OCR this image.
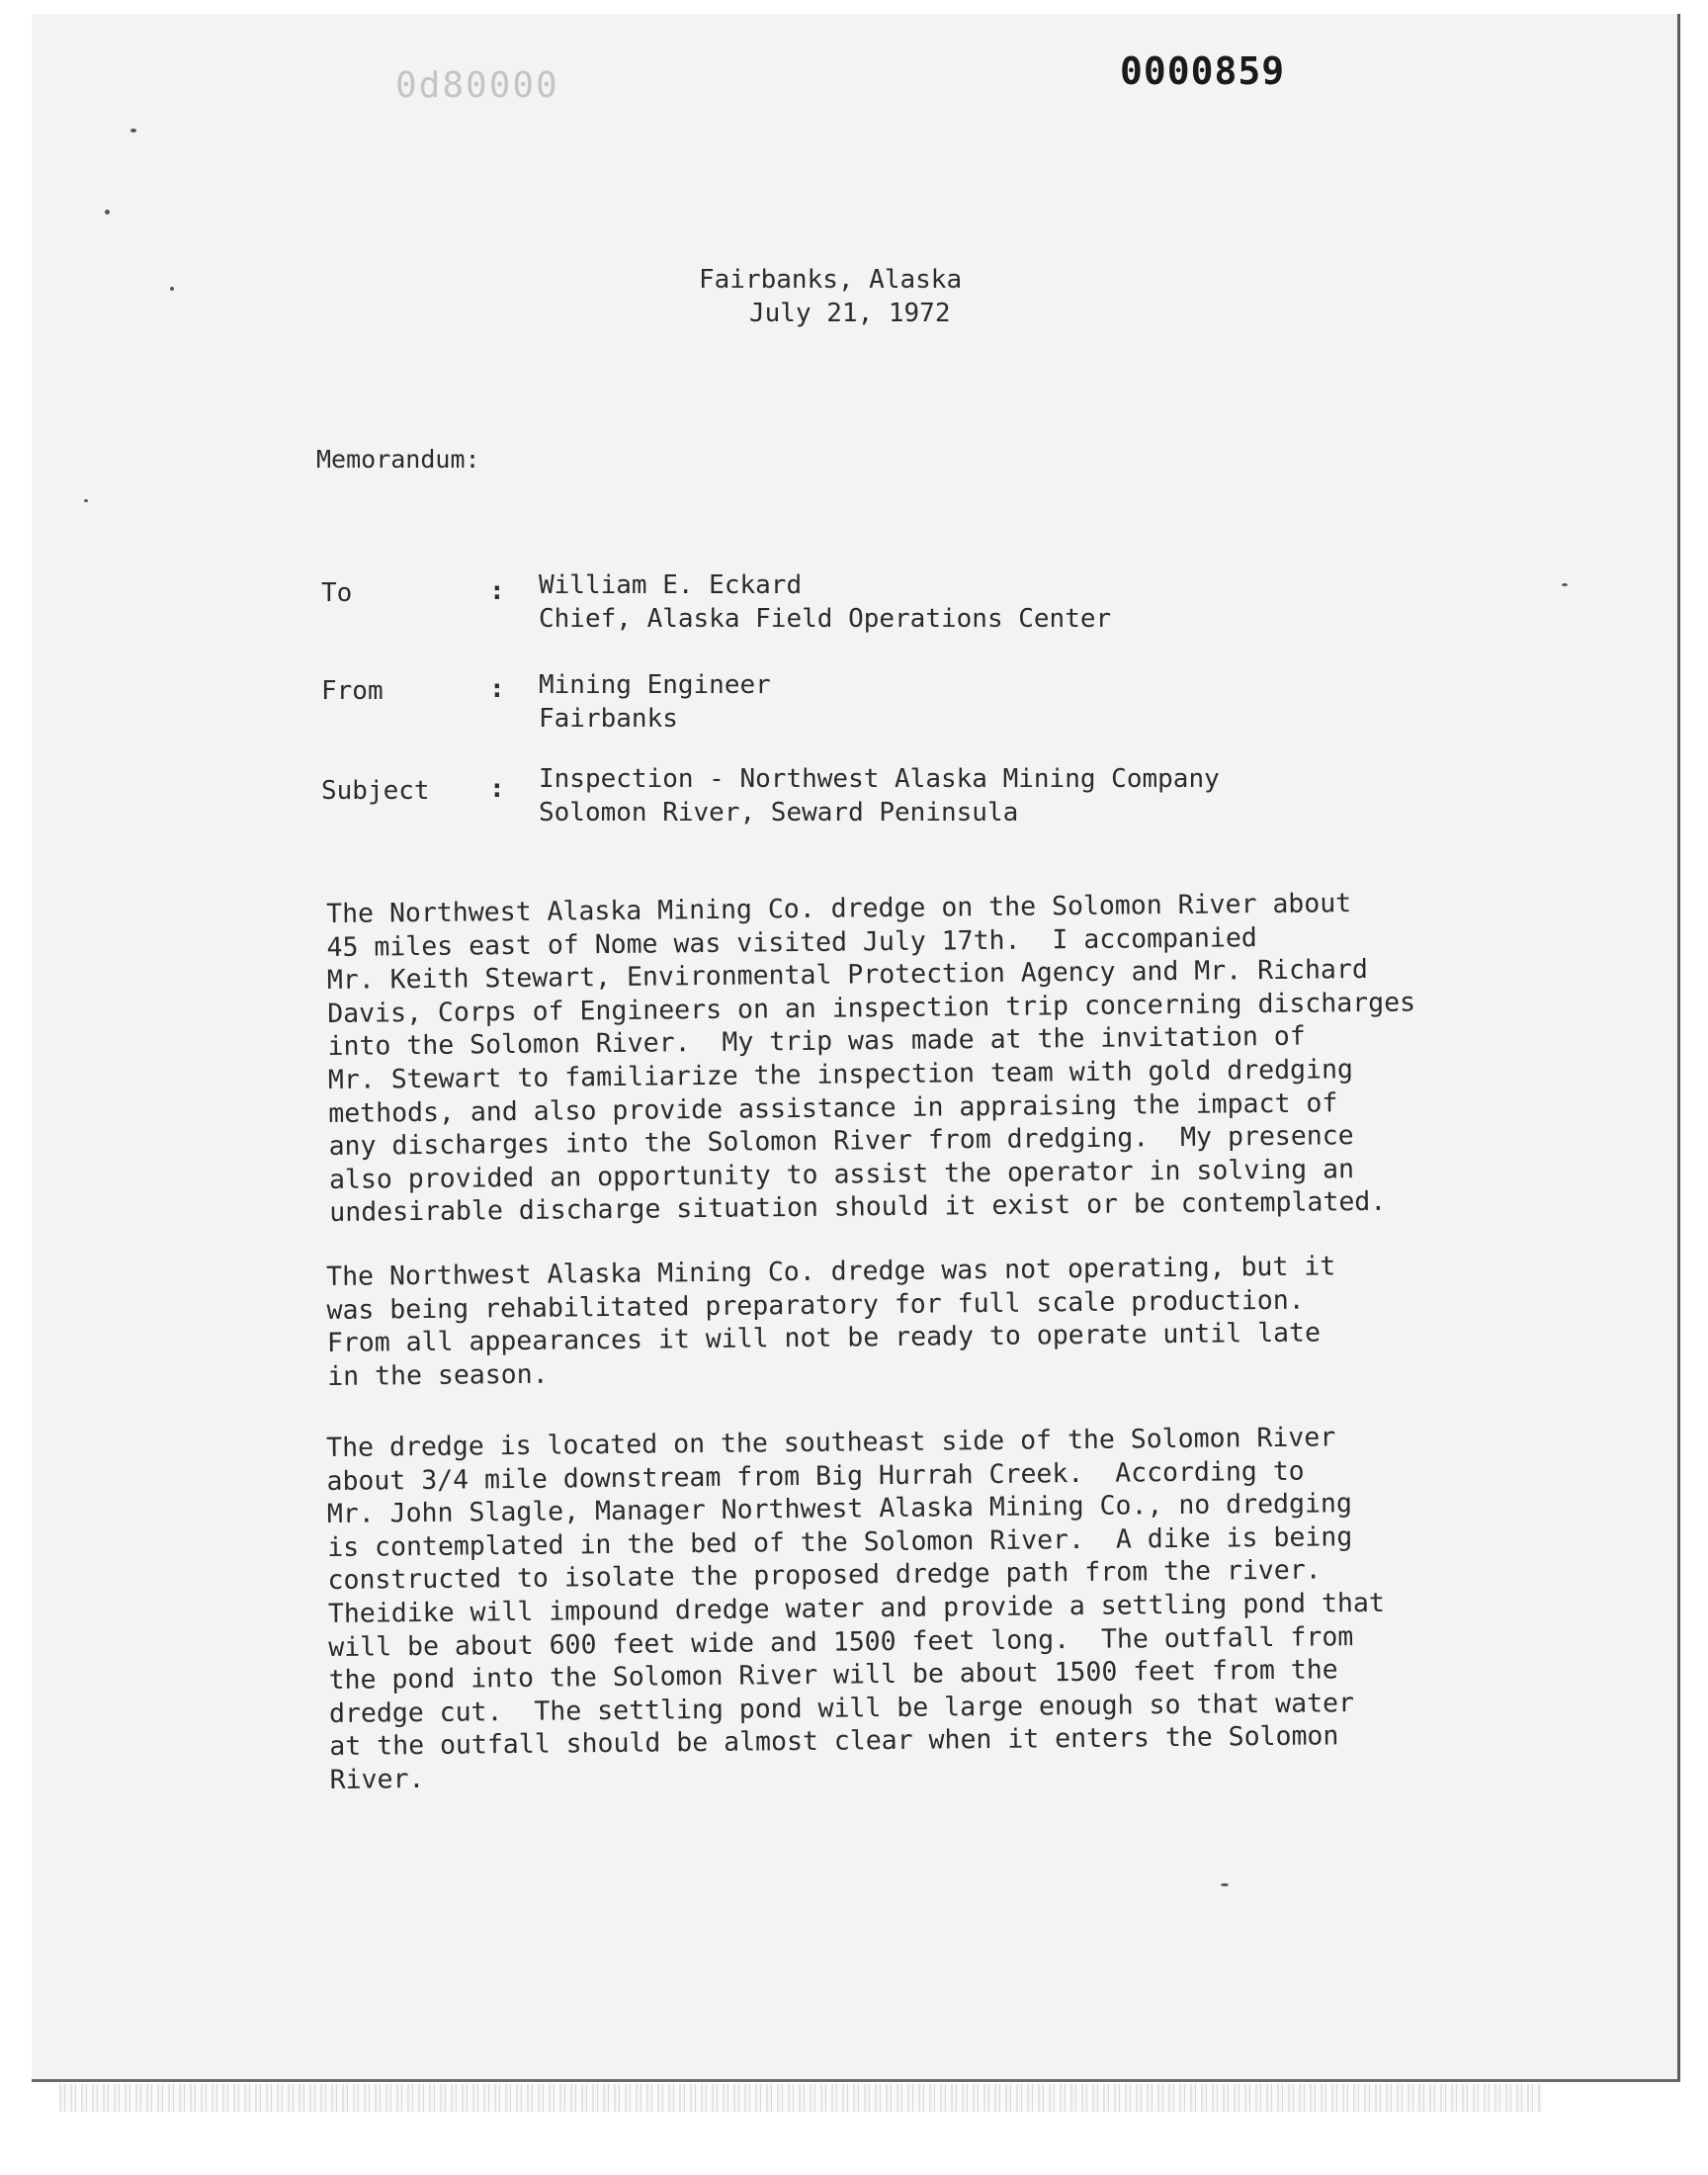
0d80000	0000859
Fairbanks, Alaska
July 21, 1972
Memorandum:
To	: William E. Eckard
Chief, Alaska Field Operations Center
From	: Mining Engineer
Fairbanks
Subject : Inspection - Northwest Alaska Mining Company
Solomon River, Seward Peninsula
The Northwest Alaska Mining Co. dredge on the Solomon River about
45 miles east of Nome was visited July 17th.  I accompanied
Mr. Keith Stewart, Environmental Protection Agency and Mr. Richard
Davis, Corps of Engineers on an inspection trip concerning discharges
into the Solomon River.  My trip was made at the invitation of
Mr. Stewart to familiarize the inspection team with gold dredging
methods, and also provide assistance in appraising the impact of
any discharges into the Solomon River from dredging.  My presence
also provided an opportunity to assist the operator in solving an
undesirable discharge situation should it exist or be contemplated.
The Northwest Alaska Mining Co. dredge was not operating, but it
was being rehabilitated preparatory for full scale production.
From all appearances it will not be ready to operate until late
in the season.
The dredge is located on the southeast side of the Solomon River
about 3/4 mile downstream from Big Hurrah Creek.  According to
Mr. John Slagle, Manager Northwest Alaska Mining Co., no dredging
is contemplated in the bed of the Solomon River.  A dike is being
constructed to isolate the proposed dredge path from the river.
Theidike will impound dredge water and provide a settling pond that
will be about 600 feet wide and 1500 feet long.  The outfall from
the pond into the Solomon River will be about 1500 feet from the
dredge cut.  The settling pond will be large enough so that water
at the outfall should be almost clear when it enters the Solomon
River.
